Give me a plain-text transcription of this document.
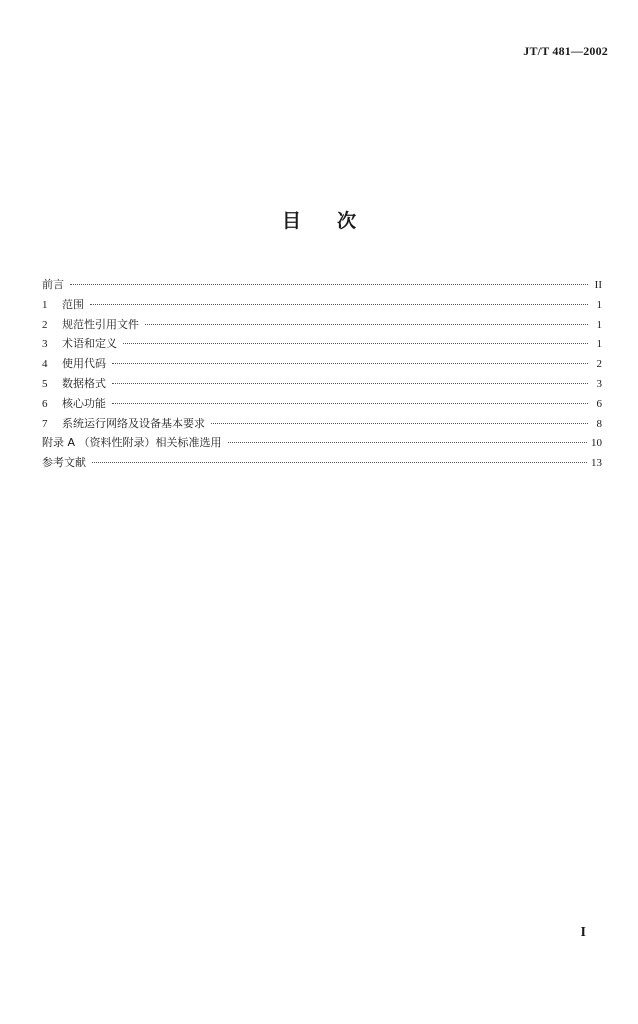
JT/T 481—2002
目 次
前言	II
1	范围	1
2	规范性引用文件	1
3	术语和定义	1
4	使用代码	2
5	数据格式	3
6	核心功能	6
7	系统运行网络及设备基本要求	8
附录 A （资料性附录）相关标准选用	10
参考文献	13
I
